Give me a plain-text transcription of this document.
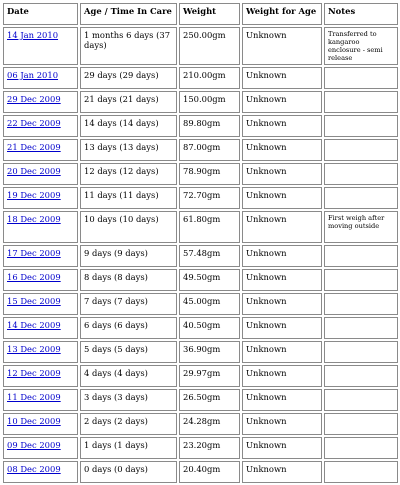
Date	Age / Time In Care	Weight	Weight for Age	Notes
14 Jan 2010	1 months 6 days (37 days)	250.00gm	Unknown	Transferred to kangaroo enclosure - semi release
06 Jan 2010	29 days (29 days)	210.00gm	Unknown	
29 Dec 2009	21 days (21 days)	150.00gm	Unknown	
22 Dec 2009	14 days (14 days)	89.80gm	Unknown	
21 Dec 2009	13 days (13 days)	87.00gm	Unknown	
20 Dec 2009	12 days (12 days)	78.90gm	Unknown	
19 Dec 2009	11 days (11 days)	72.70gm	Unknown	
18 Dec 2009	10 days (10 days)	61.80gm	Unknown	First weigh after moving outside
17 Dec 2009	9 days (9 days)	57.48gm	Unknown	
16 Dec 2009	8 days (8 days)	49.50gm	Unknown	
15 Dec 2009	7 days (7 days)	45.00gm	Unknown	
14 Dec 2009	6 days (6 days)	40.50gm	Unknown	
13 Dec 2009	5 days (5 days)	36.90gm	Unknown	
12 Dec 2009	4 days (4 days)	29.97gm	Unknown	
11 Dec 2009	3 days (3 days)	26.50gm	Unknown	
10 Dec 2009	2 days (2 days)	24.28gm	Unknown	
09 Dec 2009	1 days (1 days)	23.20gm	Unknown	
08 Dec 2009	0 days (0 days)	20.40gm	Unknown	
